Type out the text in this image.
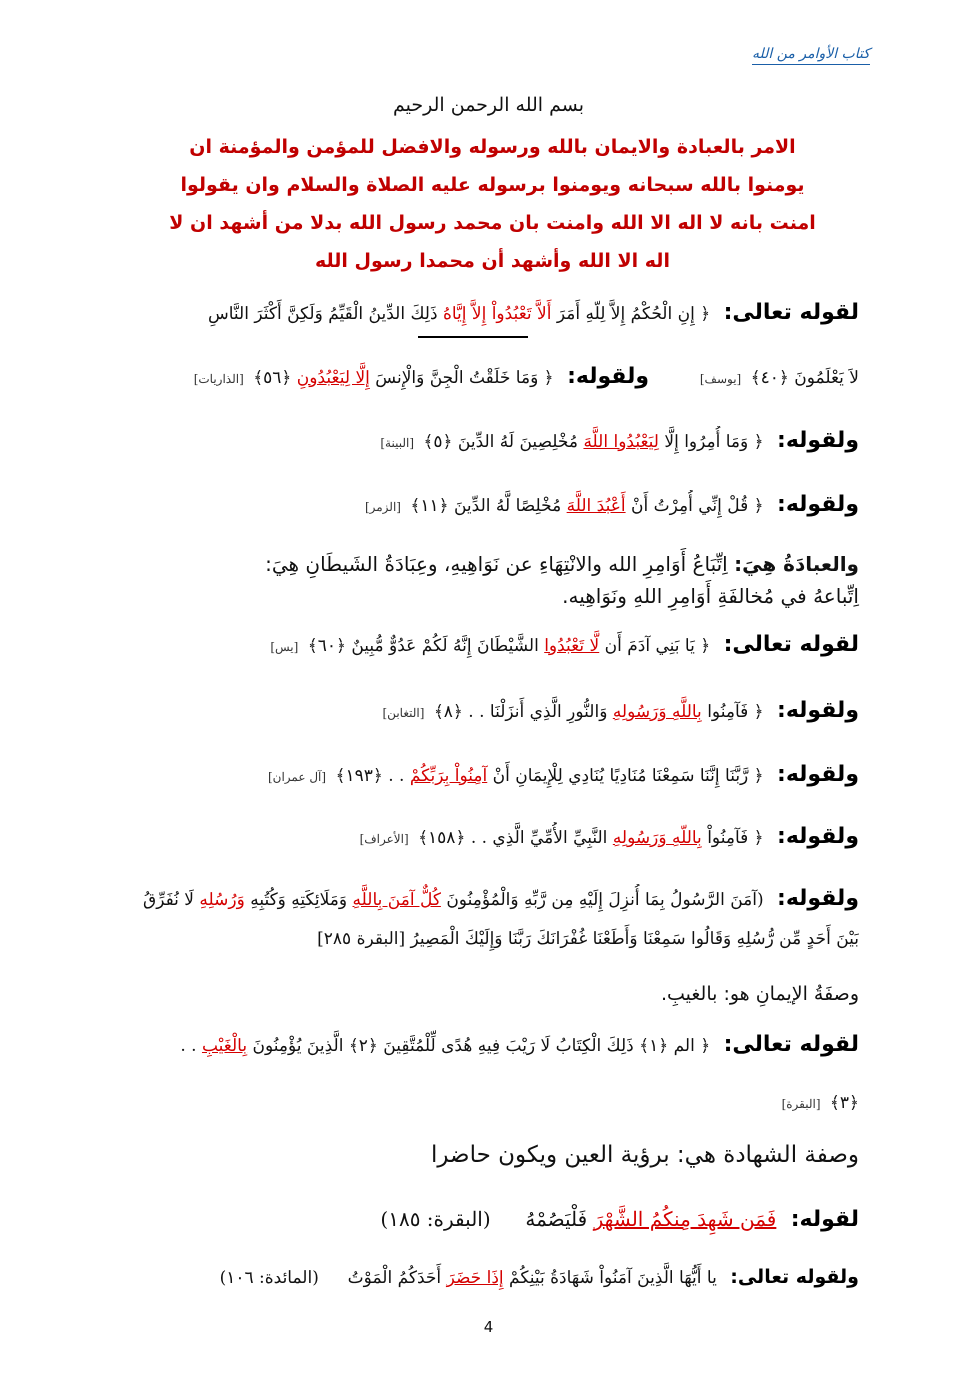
كتاب الأوامر من الله
بسم الله الرحمن الرحيم

الامر بالعبادة والايمان بالله ورسوله والافضل للمؤمن والمؤمنة ان

يومنوا بالله سبحانه ويومنوا برسوله عليه الصلاة والسلام وان يقولوا

امنت بانه لا اله الا الله وامنت بان محمد رسول الله بدلا من أشهد ان لا

اله الا الله وأشهد أن محمدا رسول الله

لقوله تعالى: ﴿ إِنِ الْحُكْمُ إِلاَّ لِلّهِ أَمَرَ أَلاَّ تَعْبُدُواْ إِلاَّ إِيَّاهُ ذَلِكَ الدِّينُ الْقَيِّمُ وَلَكِنَّ أَكْثَرَ النَّاسِ
لاَ يَعْلَمُونَ ﴿٤٠﴾ [يوسف]  ولقوله: ﴿ وَمَا خَلَقْتُ الْجِنَّ وَالْإِنسَ إِلَّا لِيَعْبُدُونِ ﴿٥٦﴾ [الذاريات]
ولقوله: ﴿ وَمَا أُمِرُوا إِلَّا لِيَعْبُدُوا اللَّهَ مُخْلِصِينَ لَهُ الدِّينَ ﴿٥﴾ [البينة]
ولقوله: ﴿ قُلْ إِنِّي أُمِرْتُ أَنْ أَعْبُدَ اللَّهَ مُخْلِصًا لَّهُ الدِّينَ ﴿١١﴾ [الزمر]
والعبادَةُ هِيَ: اِتِّبَاعُ أَوَامِرِ الله والانْتِهَاءِ عن نَوَاهِيهِ، وعِبَادَةُ الشَيطَانِ هِيَ:
اِتِّباعهُ في مُخالفَةِ أَوَامِرِ اللهِ ونَوَاهِيه.
لقوله تعالى: ﴿ يَا بَنِي آدَمَ أَن لَّا تَعْبُدُوا الشَّيْطَانَ إِنَّهُ لَكُمْ عَدُوٌّ مُّبِينٌ ﴿٦٠﴾ [يس]
ولقوله: ﴿ فَآمِنُوا بِاللَّهِ وَرَسُولِهِ وَالنُّورِ الَّذِي أَنزَلْنَا . . ﴿٨﴾ [التغابن]
ولقوله: ﴿ رَّبَّنَا إِنَّنَا سَمِعْنَا مُنَادِيًا يُنَادِي لِلْإِيمَانِ أَنْ آمِنُواْ بِرَبِّكُمْ . . ﴿١٩٣﴾ [آل عمران]
ولقوله: ﴿ فَآمِنُواْ بِاللّهِ وَرَسُولِهِ النَّبِيِّ الأُمِّيِّ الَّذِي . . ﴿١٥٨﴾ [الأعراف]
ولقوله: (آمَنَ الرَّسُولُ بِمَا أُنزِلَ إِلَيْهِ مِن رَّبِّهِ وَالْمُؤْمِنُونَ كُلٌّ آمَنَ بِاللَّهِ وَمَلَائِكَتِهِ وَكُتُبِهِ وَرُسُلِهِ لَا نُفَرِّقُ
بَيْنَ أَحَدٍ مِّن رُّسُلِهِ وَقَالُوا سَمِعْنَا وَأَطَعْنَا غُفْرَانَكَ رَبَّنَا وَإِلَيْكَ الْمَصِيرُ [البقرة ٢٨٥]
وصفَةُ الإيمانِ هو: بالغيبِ.
لقوله تعالى: ﴿ الم ﴿١﴾ ذَلِكَ الْكِتَابُ لَا رَيْبَ فِيهِ هُدًى لِّلْمُتَّقِينَ ﴿٢﴾ الَّذِينَ يُؤْمِنُونَ بِالْغَيْبِ . .
﴿٣﴾ [البقرة]
وصفة الشهادة هي: برؤية العين ويكون حاضرا
لقوله: فَمَن شَهِدَ مِنكُمُ الشَّهْرَ فَلْيَصُمْهُ  (البقرة: ١٨٥)
ولقوله تعالى: يا أَيُّهَا الَّذِينَ آمَنُواْ شَهَادَةُ بَيْنِكُمْ إِذَا حَضَرَ أَحَدَكُمُ الْمَوْتُ  (المائدة: ١٠٦)
4
